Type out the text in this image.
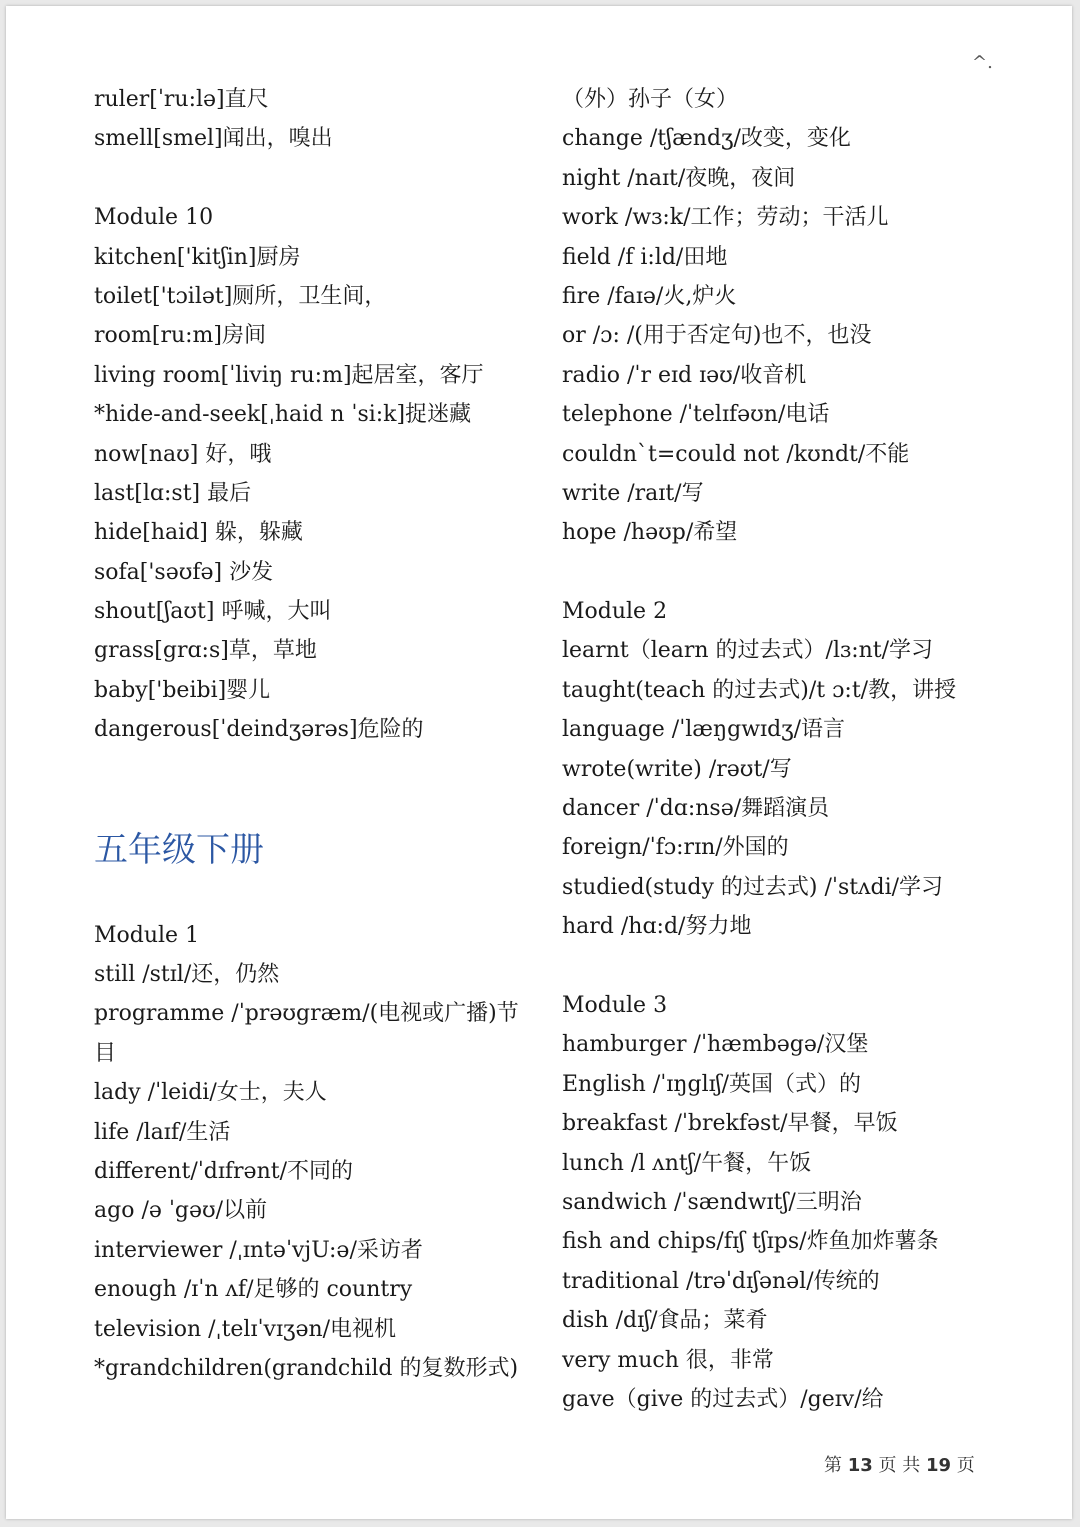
^.
ruler[ˈru:lə]直尺
smell[smel]闻出，嗅出
Module 10
kitchen['kitʃin]厨房
toilet['tɔilət]厕所，卫生间，
room[ru:m]房间
living room[ˈliviŋ ru:m]起居室，客厅
*hide-and-seek[ˌhaid n ˈsi:k]捉迷藏
now[naʊ] 好，哦
last[lɑ:st] 最后
hide[haid] 躲，躲藏
sofa['səʊfə] 沙发
shout[ʃaʊt] 呼喊，大叫
grass[grɑ:s]草，草地
baby['beibi]婴儿
dangerous[ˈdeindʒərəs]危险的
五年级下册
Module 1
still /stɪl/还，仍然
programme /ˈprəʊgræm/(电视或广播)节目
lady /ˈleidi/女士，夫人
life /laɪf/生活
different/ˈdɪfrənt/不同的
ago /ə ˈgəʊ/以前
interviewer /ˌɪntəˈvjU:ə/采访者
enough /ɪˈn ʌf/足够的 country
television /ˌtelɪˈvɪʒən/电视机
*grandchildren(grandchild 的复数形式)
（外）孙子（女）
change /tʃændʒ/改变，变化
night /naɪt/夜晚，夜间
work /wɜ:k/工作；劳动；干活儿
field /f i:ld/田地
fire /faɪə/火,炉火
or /ɔ: /(用于否定句)也不，也没
radio /ˈr eɪd ɪəʊ/收音机
telephone /ˈtelɪfəʊn/电话
couldn`t=could not /kʊndt/不能
write /raɪt/写
hope /həʊp/希望
Module 2
learnt（learn 的过去式）/lɜ:nt/学习
taught(teach 的过去式)/t ɔ:t/教，讲授
language /ˈlæŋgwɪdʒ/语言
wrote(write) /rəʊt/写
dancer /ˈdɑ:nsə/舞蹈演员
foreign/ˈfɔ:rɪn/外国的
studied(study 的过去式) /ˈstʌdi/学习
hard /hɑ:d/努力地
Module 3
hamburger /ˈhæmbəgə/汉堡
English /ˈɪŋglɪʃ/英国（式）的
breakfast /ˈbrekfəst/早餐，早饭
lunch /l ʌntʃ/午餐，午饭
sandwich /ˈsændwɪtʃ/三明治
fish and chips/fɪʃ tʃɪps/炸鱼加炸薯条
traditional /trəˈdɪʃənəl/传统的
dish /dɪʃ/食品；菜肴
very much 很，非常
gave（give 的过去式）/geɪv/给
第 13 页 共 19 页
